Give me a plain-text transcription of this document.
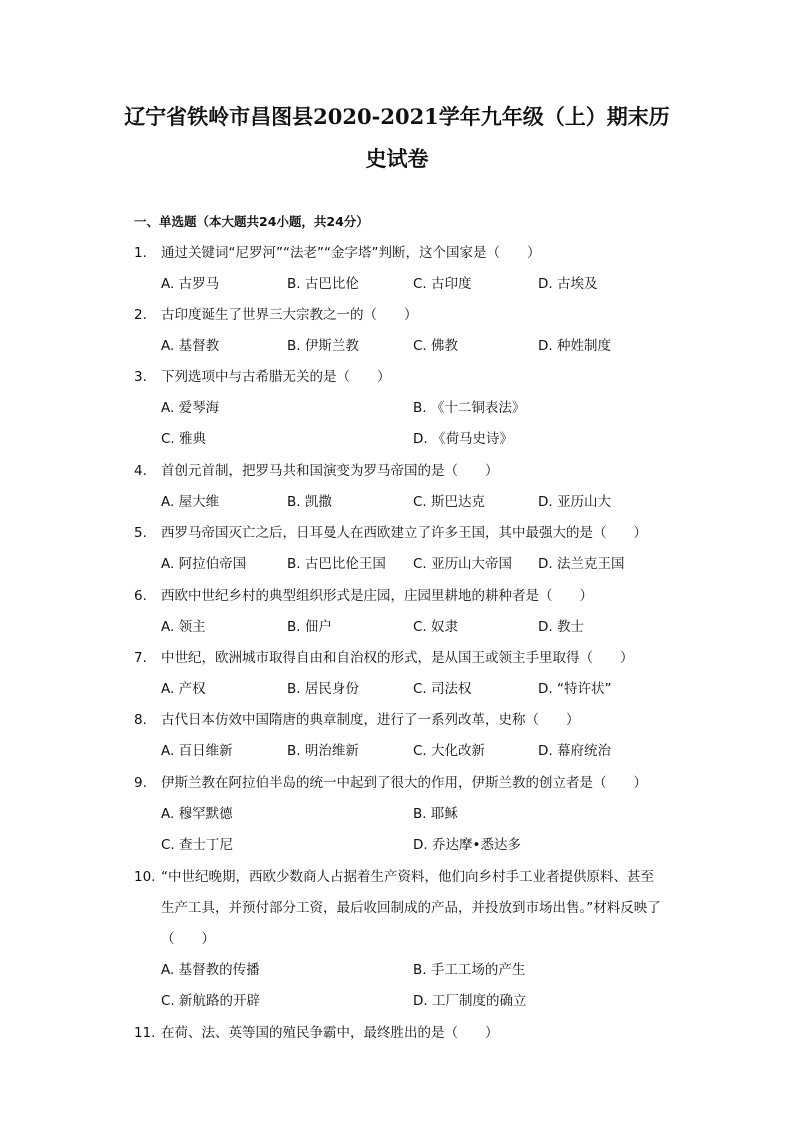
辽宁省铁岭市昌图县2020-2021学年九年级（上）期末历
史试卷
一、单选题（本大题共24小题，共24分）
1.	通过关键词“尼罗河”“法老”“金字塔”判断，这个国家是（　　）
A. 古罗马	B. 古巴比伦	C. 古印度	D. 古埃及
2.	古印度诞生了世界三大宗教之一的（　　）
A. 基督教	B. 伊斯兰教	C. 佛教	D. 种姓制度
3.	下列选项中与古希腊无关的是（　　）
A. 爱琴海	B. 《十二铜表法》
C. 雅典	D. 《荷马史诗》
4.	首创元首制，把罗马共和国演变为罗马帝国的是（　　）
A. 屋大维	B. 凯撒	C. 斯巴达克	D. 亚历山大
5.	西罗马帝国灭亡之后，日耳曼人在西欧建立了许多王国，其中最强大的是（　　）
A. 阿拉伯帝国	B. 古巴比伦王国 C. 亚历山大帝国 D. 法兰克王国
6.	西欧中世纪乡村的典型组织形式是庄园，庄园里耕地的耕种者是（　　）
A. 领主	B. 佃户	C. 奴隶	D. 教士
7.	中世纪，欧洲城市取得自由和自治权的形式，是从国王或领主手里取得（　　）
A. 产权	B. 居民身份	C. 司法权	D. “特许状”
8.	古代日本仿效中国隋唐的典章制度，进行了一系列改革，史称（　　）
A. 百日维新	B. 明治维新	C. 大化改新	D. 幕府统治
9.	伊斯兰教在阿拉伯半岛的统一中起到了很大的作用，伊斯兰教的创立者是（　　）
A. 穆罕默德	B. 耶稣
C. 查士丁尼	D. 乔达摩•悉达多
10. “中世纪晚期，西欧少数商人占据着生产资料，他们向乡村手工业者提供原料、甚至生产工具，并预付部分工资，最后收回制成的产品，并投放到市场出售。”材料反映了（　　）
A. 基督教的传播	B. 手工工场的产生
C. 新航路的开辟	D. 工厂制度的确立
11. 在荷、法、英等国的殖民争霸中，最终胜出的是（　　）
